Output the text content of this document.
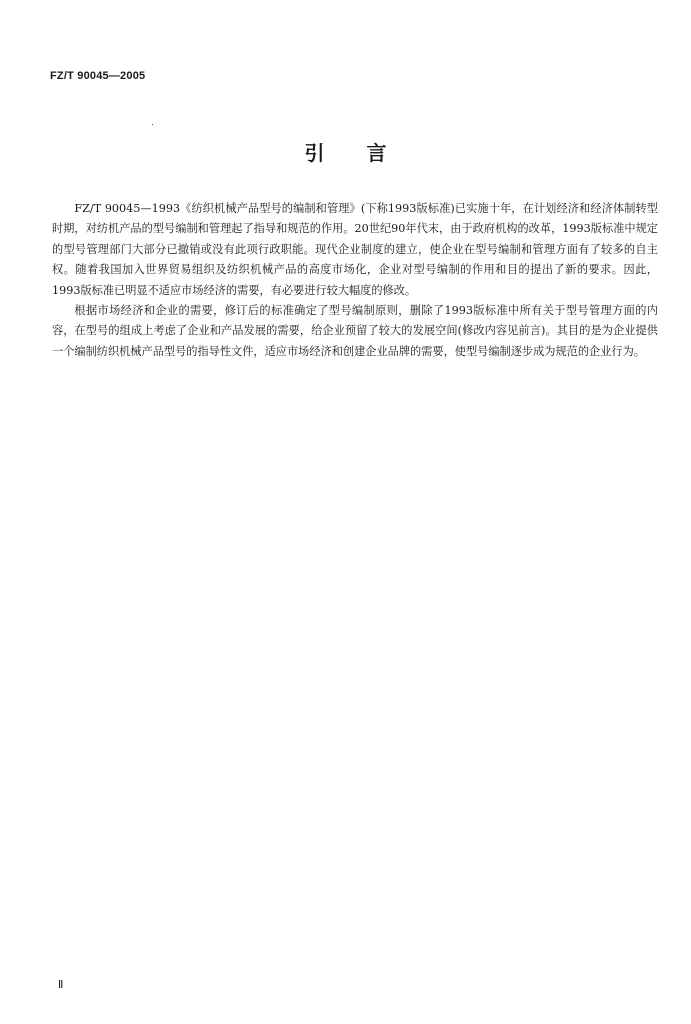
FZ/T 90045—2005
引言

FZ/T 90045—1993《纺织机械产品型号的编制和管理》(下称1993版标准)已实施十年，在计划经济和经济体制转型时期，对纺机产品的型号编制和管理起了指导和规范的作用。20世纪90年代末，由于政府机构的改革，1993版标准中规定的型号管理部门大部分已撤销或没有此项行政职能。现代企业制度的建立，使企业在型号编制和管理方面有了较多的自主权。随着我国加入世界贸易组织及纺织机械产品的高度市场化，企业对型号编制的作用和目的提出了新的要求。因此，1993版标准已明显不适应市场经济的需要，有必要进行较大幅度的修改。

根据市场经济和企业的需要，修订后的标准确定了型号编制原则，删除了1993版标准中所有关于型号管理方面的内容，在型号的组成上考虑了企业和产品发展的需要，给企业预留了较大的发展空间(修改内容见前言)。其目的是为企业提供一个编制纺织机械产品型号的指导性文件，适应市场经济和创建企业品牌的需要，使型号编制逐步成为规范的企业行为。

Ⅱ
